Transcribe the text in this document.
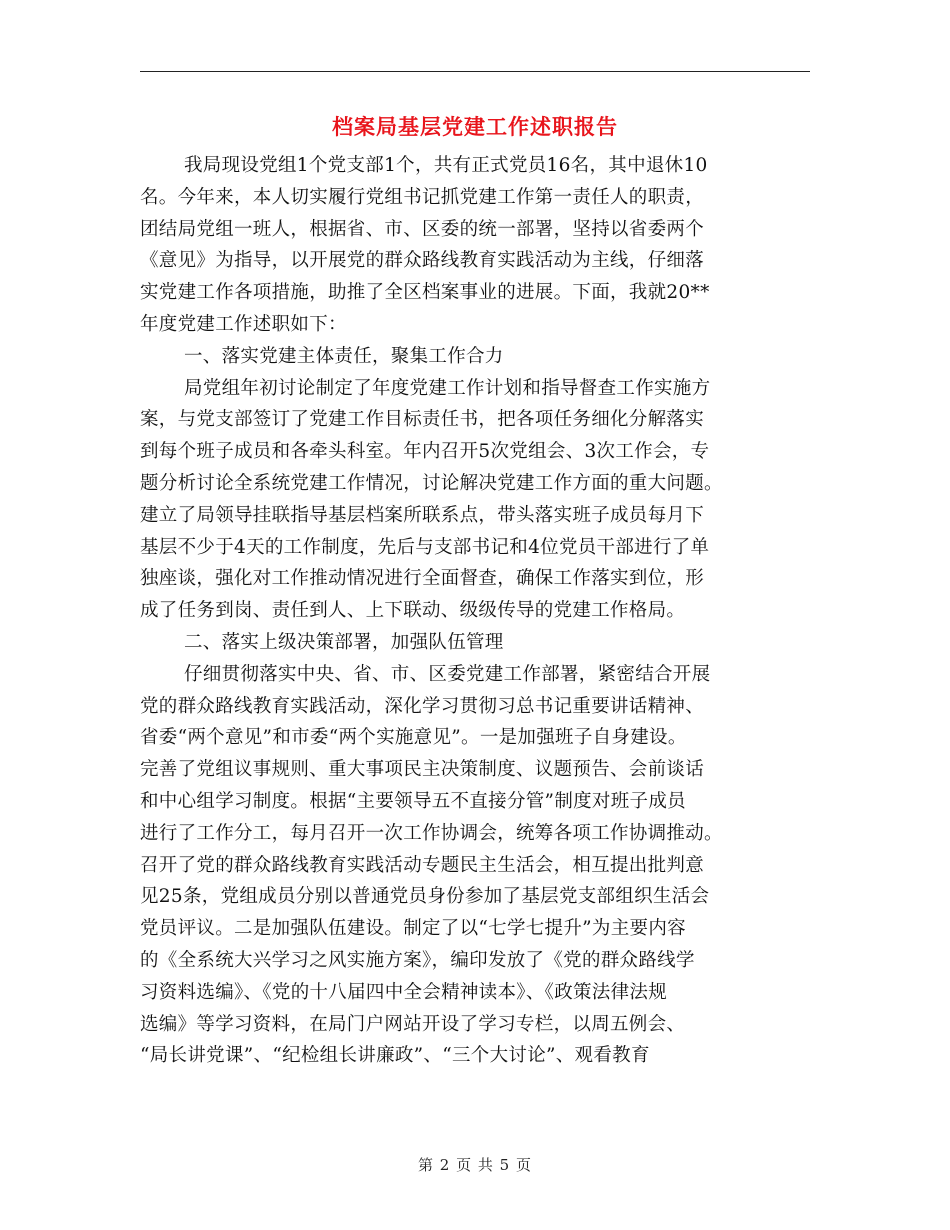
档案局基层党建工作述职报告
我局现设党组1个党支部1个，共有正式党员16名，其中退休10
名。今年来，本人切实履行党组书记抓党建工作第一责任人的职责，
团结局党组一班人，根据省、市、区委的统一部署，坚持以省委两个
《意见》为指导，以开展党的群众路线教育实践活动为主线，仔细落
实党建工作各项措施，助推了全区档案事业的进展。下面，我就20**
年度党建工作述职如下：
一、落实党建主体责任，聚集工作合力
局党组年初讨论制定了年度党建工作计划和指导督查工作实施方
案，与党支部签订了党建工作目标责任书，把各项任务细化分解落实
到每个班子成员和各牵头科室。年内召开5次党组会、3次工作会，专
题分析讨论全系统党建工作情况，讨论解决党建工作方面的重大问题。
建立了局领导挂联指导基层档案所联系点，带头落实班子成员每月下
基层不少于4天的工作制度，先后与支部书记和4位党员干部进行了单
独座谈，强化对工作推动情况进行全面督查，确保工作落实到位，形
成了任务到岗、责任到人、上下联动、级级传导的党建工作格局。
二、落实上级决策部署，加强队伍管理
仔细贯彻落实中央、省、市、区委党建工作部署，紧密结合开展
党的群众路线教育实践活动，深化学习贯彻习总书记重要讲话精神、
省委“两个意见”和市委“两个实施意见”。一是加强班子自身建设。
完善了党组议事规则、重大事项民主决策制度、议题预告、会前谈话
和中心组学习制度。根据“主要领导五不直接分管”制度对班子成员
进行了工作分工，每月召开一次工作协调会，统筹各项工作协调推动。
召开了党的群众路线教育实践活动专题民主生活会，相互提出批判意
见25条，党组成员分别以普通党员身份参加了基层党支部组织生活会
党员评议。二是加强队伍建设。制定了以“七学七提升”为主要内容
的《全系统大兴学习之风实施方案》，编印发放了《党的群众路线学
习资料选编》、《党的十八届四中全会精神读本》、《政策法律法规
选编》等学习资料，在局门户网站开设了学习专栏，以周五例会、
“局长讲党课”、“纪检组长讲廉政”、“三个大讨论”、观看教育
第 2 页 共 5 页
